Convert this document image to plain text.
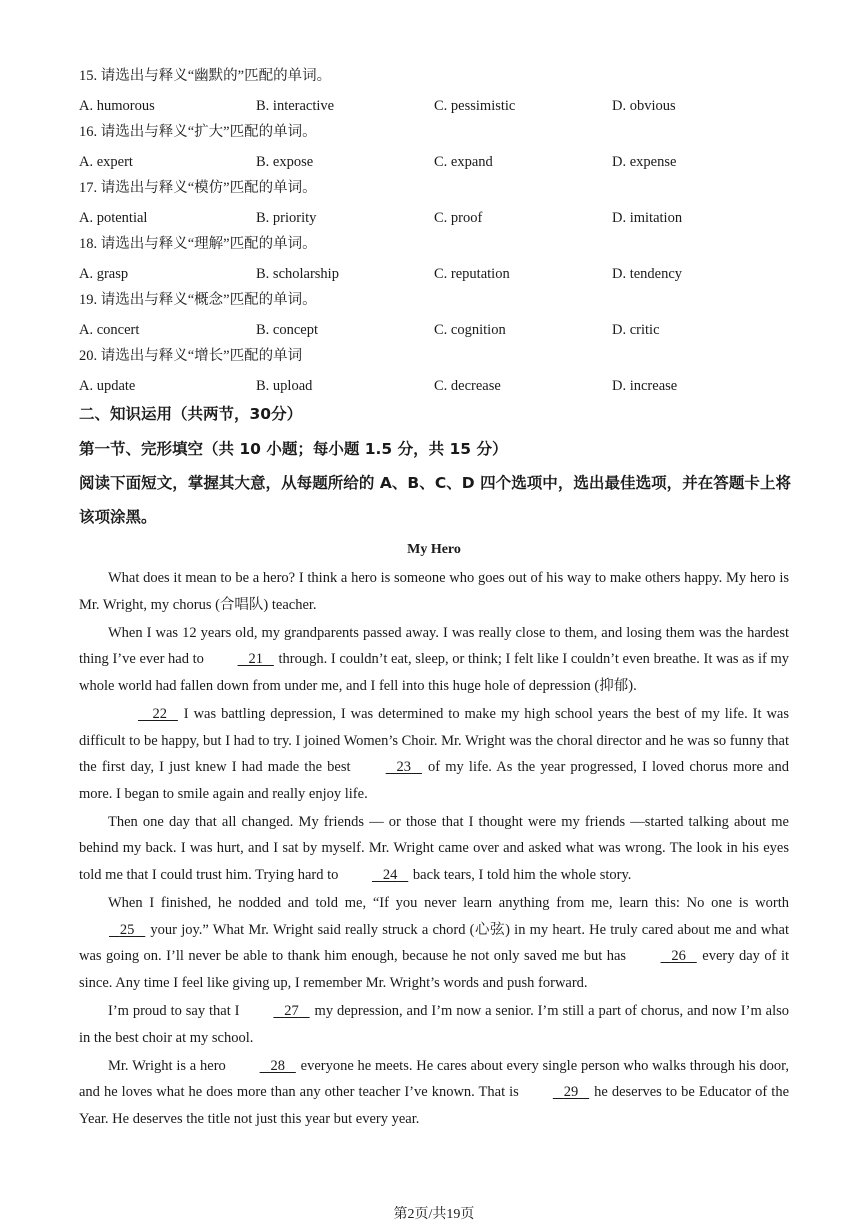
15. 请选出与释义“幽默的”匹配的单词。
A. humorous	B. interactive	C. pessimistic	D. obvious
16. 请选出与释义“扩大”匹配的单词。
A. expert	B. expose	C. expand	D. expense
17. 请选出与释义“模仿”匹配的单词。
A. potential	B. priority	C. proof	D. imitation
18. 请选出与释义“理解”匹配的单词。
A. grasp	B. scholarship	C. reputation	D. tendency
19. 请选出与释义“概念”匹配的单词。
A. concert	B. concept	C. cognition	D. critic
20. 请选出与释义“增长”匹配的单词
A. update	B. upload	C. decrease	D. increase
二、知识运用（共两节，30分）
第一节、完形填空（共 10 小题；每小题 1.5 分，共 15 分）
阅读下面短文，掌握其大意，从每题所给的 A、B、C、D 四个选项中，选出最佳选项，并在答题卡上将该项涂黑。
My Hero

What does it mean to be a hero? I think a hero is someone who goes out of his way to make others happy. My hero is Mr. Wright, my chorus (合唱队) teacher.

When I was 12 years old, my grandparents passed away. I was really close to them, and losing them was the hardest thing I’ve ever had to	21    through. I couldn’t eat, sleep, or think; I felt like I couldn’t even breathe. It was as if my whole world had fallen down from under me, and I fell into this huge hole of depression (抑郁).

22    I was battling depression, I was determined to make my high school years the best of my life. It was difficult to be happy, but I had to try. I joined Women’s Choir. Mr. Wright was the choral director and he was so funny that the first day, I just knew I had made the best	23    of my life. As the year progressed, I loved chorus more and more. I began to smile again and really enjoy life.

Then one day that all changed. My friends — or those that I thought were my friends —started talking about me behind my back. I was hurt, and I sat by myself. Mr. Wright came over and asked what was wrong. The look in his eyes told me that I could trust him. Trying hard to	24    back tears, I told him the whole story.

When I finished, he nodded and told me, “If you never learn anything from me, learn this: No one is worth    25    your joy.” What Mr. Wright said really struck a chord (心弦) in my heart. He truly cared about me and what was going on. I’ll never be able to thank him enough, because he not only saved me but has	26    every day of it since. Any time I feel like giving up, I remember Mr. Wright’s words and push forward.

I’m proud to say that I	27    my depression, and I’m now a senior. I’m still a part of chorus, and now I’m also in the best choir at my school.

Mr. Wright is a hero	28    everyone he meets. He cares about every single person who walks through his door, and he loves what he does more than any other teacher I’ve known. That is	29    he deserves to be Educator of the Year. He deserves the title not just this year but every year.

第2页/共19页
